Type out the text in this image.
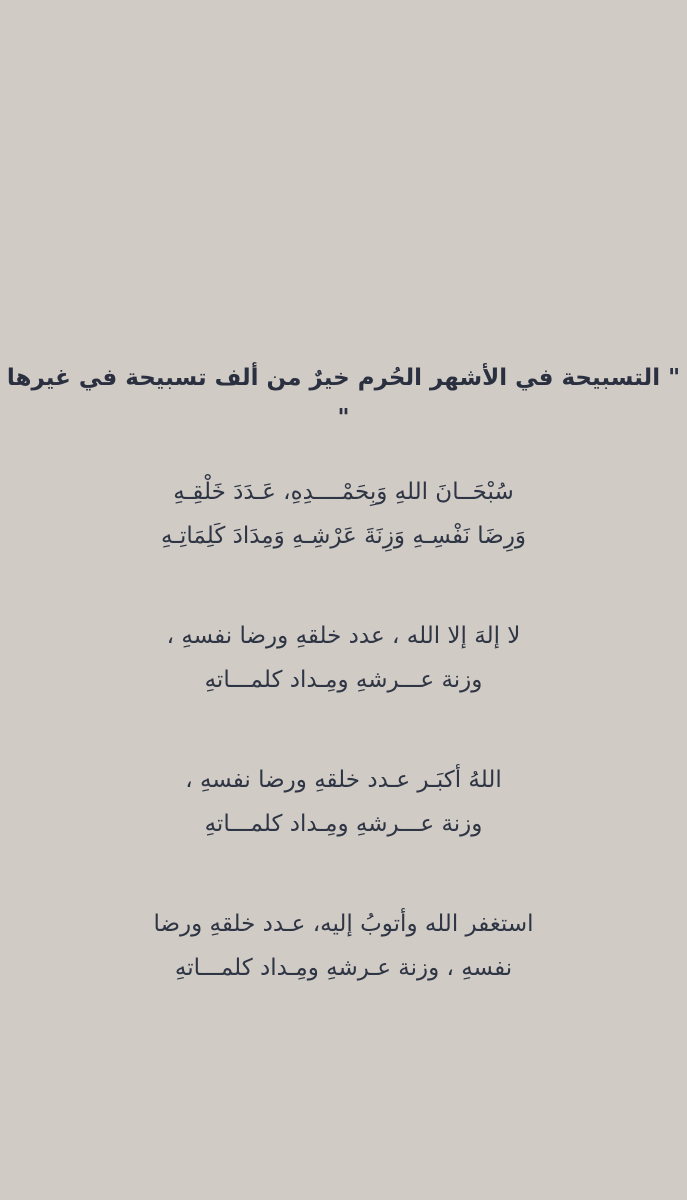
" التسبيحة في الأشهر الحُرم خيرٌ من ألف تسبيحة في غيرها "
سُبْحَــانَ اللهِ وَبِحَمْــــدِهِ، عَـدَدَ خَلْقِـهِ
وَرِضَا نَفْسِـهِ وَزِنَةَ عَرْشِـهِ وَمِدَادَ كَلِمَاتِـهِ
لا إلهَ إلا الله ، عدد خلقهِ ورضا نفسهِ ،
وزنة عـــرشهِ ومِـداد كلمـــاتهِ
اللهُ أكبَـر عـدد خلقهِ ورضا نفسهِ ،
وزنة عـــرشهِ ومِـداد كلمـــاتهِ
استغفر الله وأتوبُ إليه، عـدد خلقهِ ورضا
نفسهِ ، وزنة عـرشهِ ومِـداد كلمـــاتهِ
